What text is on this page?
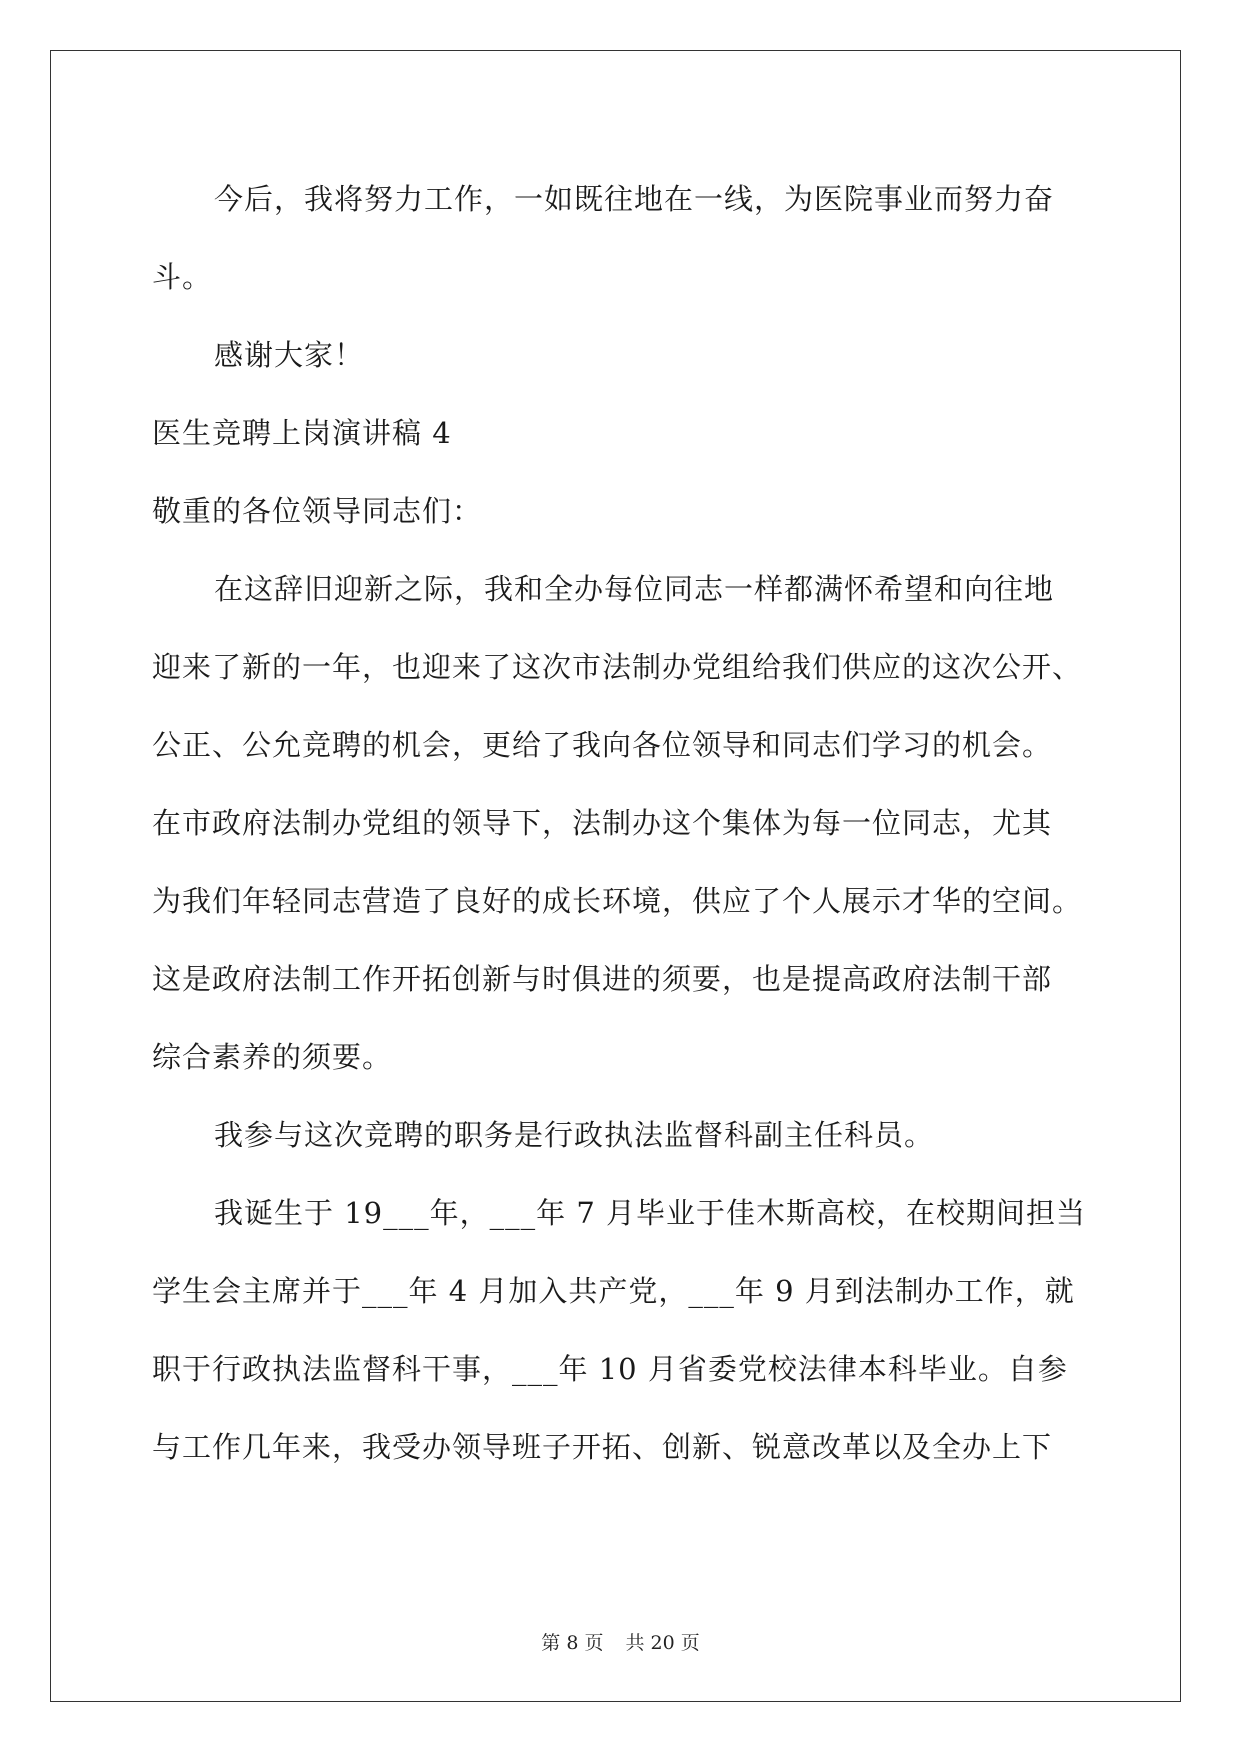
今后，我将努力工作，一如既往地在一线，为医院事业而努力奋
斗。
感谢大家！
医生竞聘上岗演讲稿 4
敬重的各位领导同志们：
在这辞旧迎新之际，我和全办每位同志一样都满怀希望和向往地
迎来了新的一年，也迎来了这次市法制办党组给我们供应的这次公开、
公正、公允竞聘的机会，更给了我向各位领导和同志们学习的机会。
在市政府法制办党组的领导下，法制办这个集体为每一位同志，尤其
为我们年轻同志营造了良好的成长环境，供应了个人展示才华的空间。
这是政府法制工作开拓创新与时俱进的须要，也是提高政府法制干部
综合素养的须要。
我参与这次竞聘的职务是行政执法监督科副主任科员。
我诞生于 19___年，___年 7 月毕业于佳木斯高校，在校期间担当
学生会主席并于___年 4 月加入共产党，___年 9 月到法制办工作，就
职于行政执法监督科干事，___年 10 月省委党校法律本科毕业。自参
与工作几年来，我受办领导班子开拓、创新、锐意改革以及全办上下
第 8 页 共 20 页
